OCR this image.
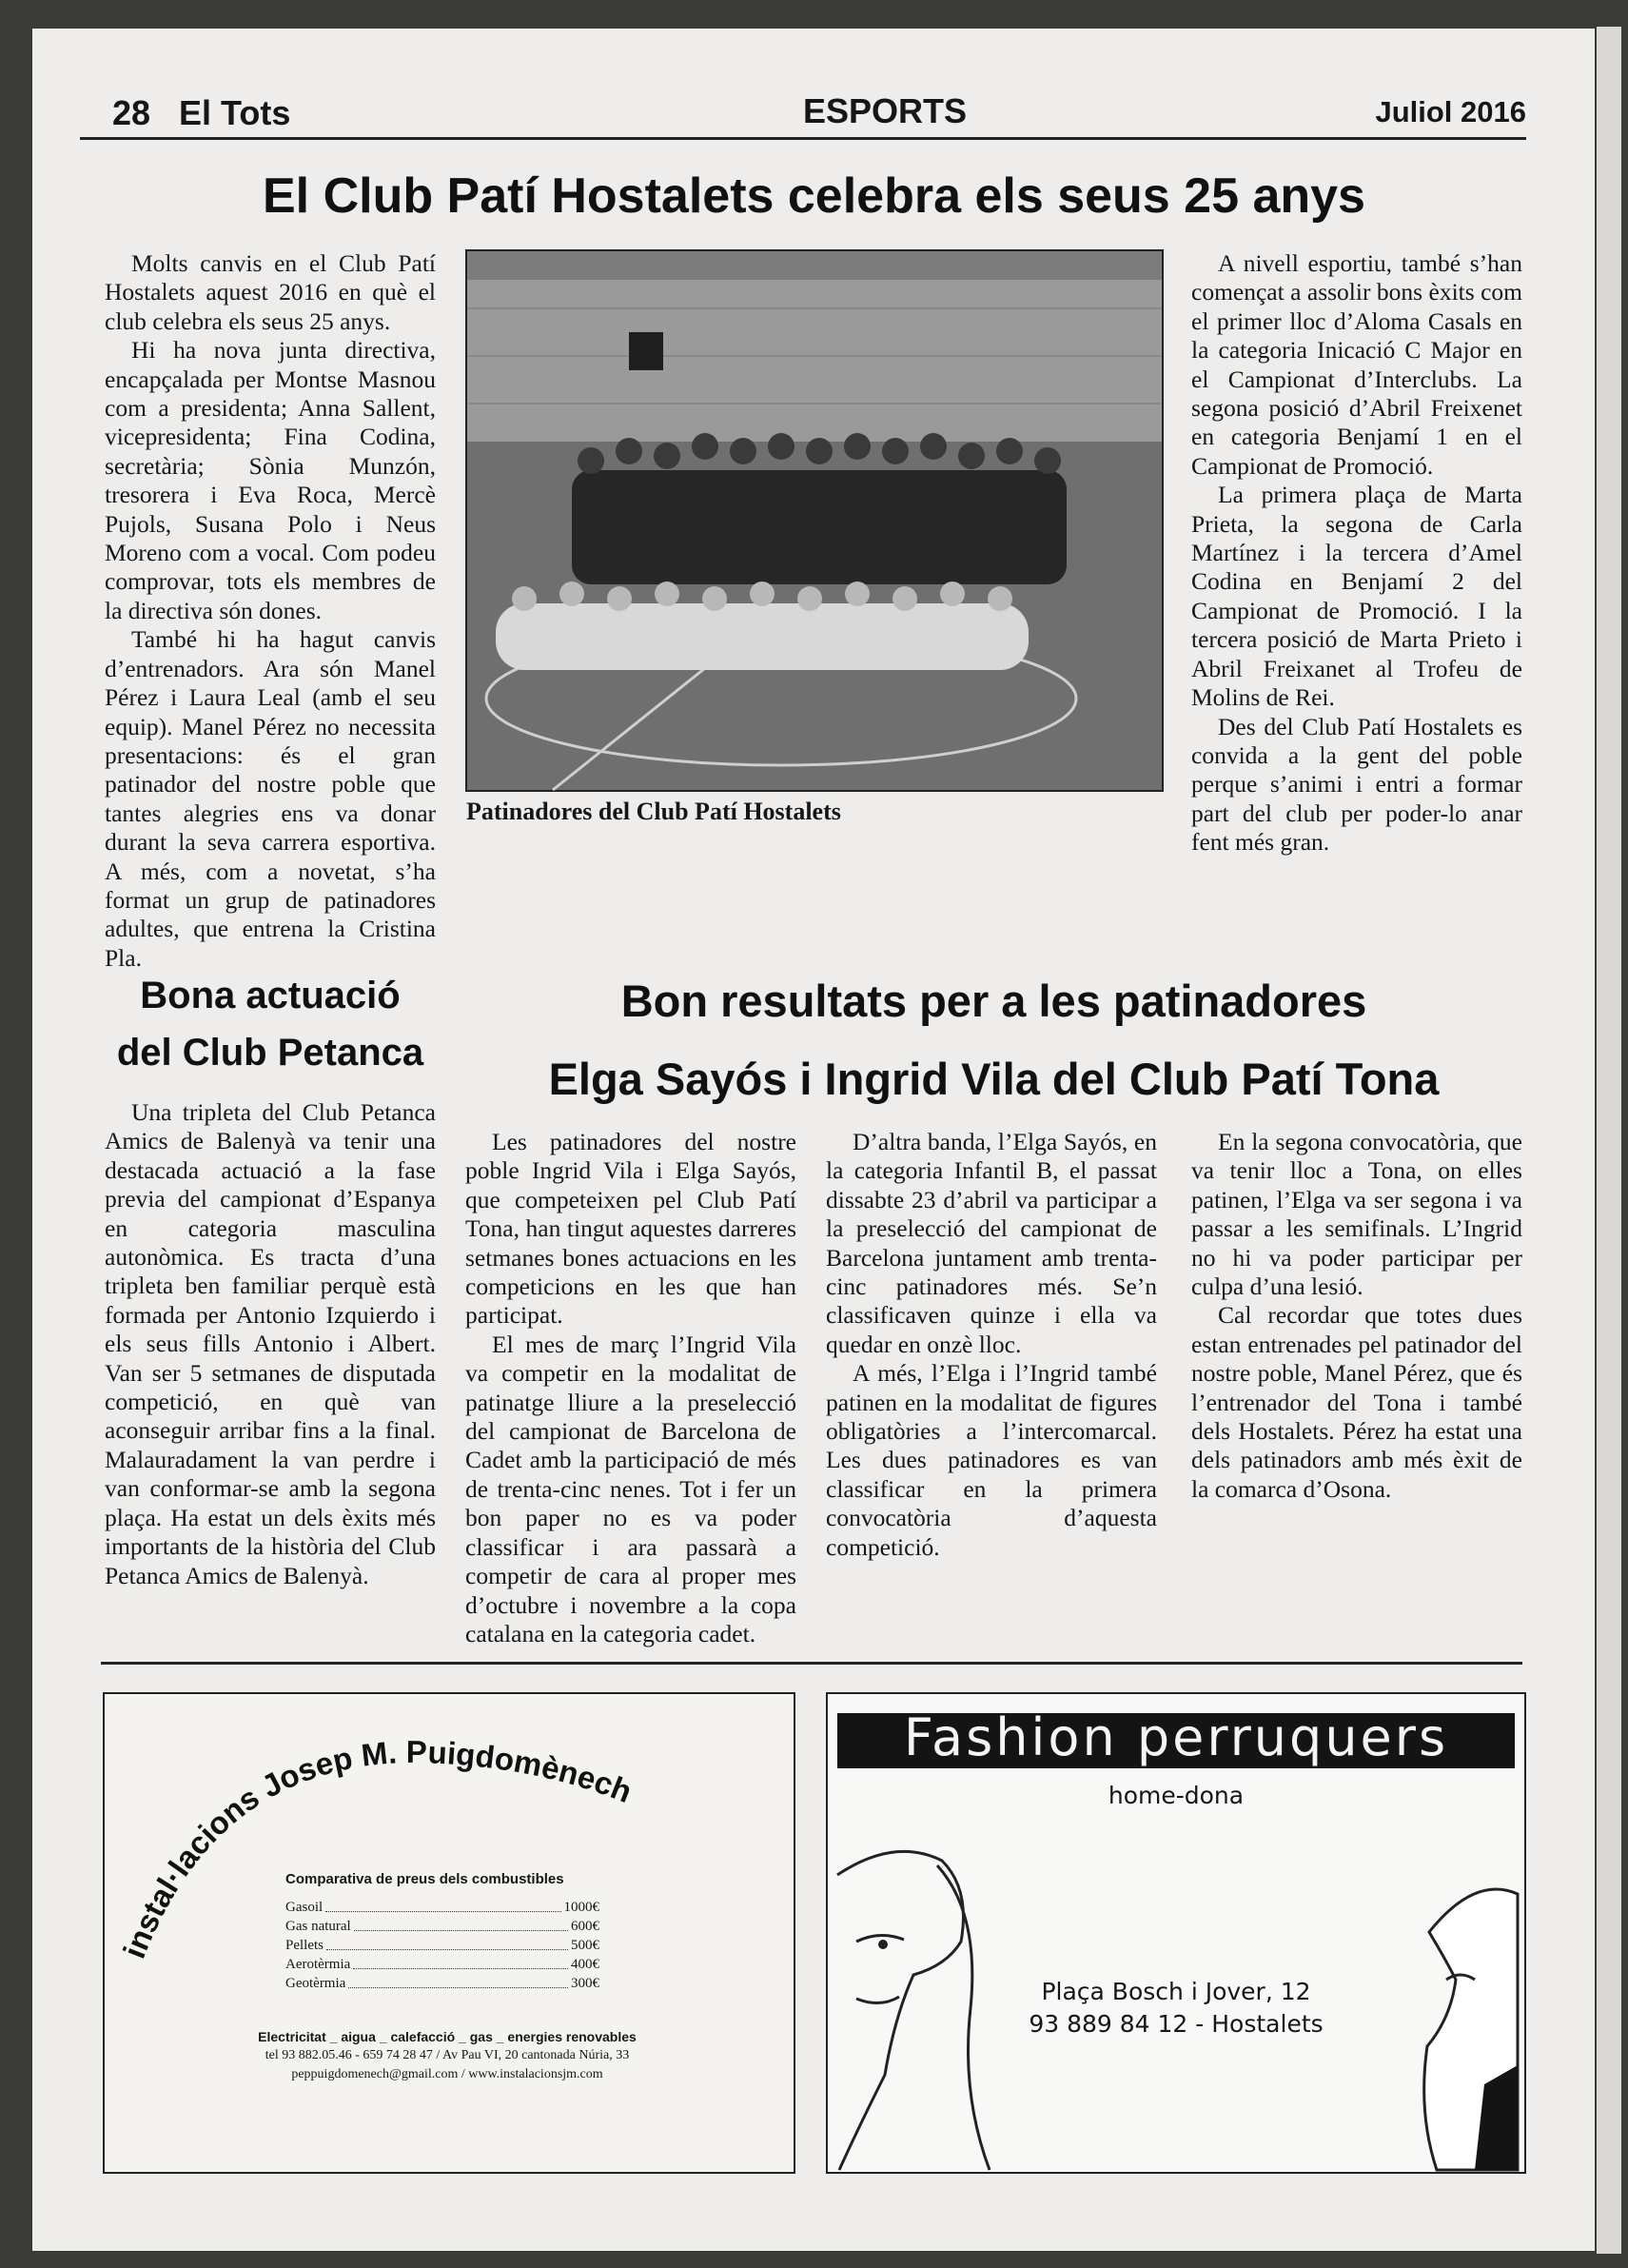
28 El Tots	ESPORTS	Juliol 2016
El Club Patí Hostalets celebra els seus 25 anys

Molts canvis en el Club Patí Hostalets aquest 2016 en què el club celebra els seus 25 anys.

Hi ha nova junta directiva, encapçalada per Montse Masnou com a presidenta; Anna Sallent, vicepresidenta; Fina Codina, secretària; Sònia Munzón, tresorera i Eva Roca, Mercè Pujols, Susana Polo i Neus Moreno com a vocal. Com podeu comprovar, tots els membres de la directiva són dones.

També hi ha hagut canvis d’entrenadors. Ara són Manel Pérez i Laura Leal (amb el seu equip). Manel Pérez no necessita presentacions: és el gran patinador del nostre poble que tantes alegries ens va donar durant la seva carrera esportiva. A més, com a novetat, s’ha format un grup de patinadores adultes, que entrena la Cristina Pla.

Patinadores del Club Patí Hostalets

A nivell esportiu, també s’han començat a assolir bons èxits com el primer lloc d’Aloma Casals en la categoria Inicació C Major en el Campionat d’Interclubs. La segona posició d’Abril Freixenet en categoria Benjamí 1 en el Campionat de Promoció.

La primera plaça de Marta Prieta, la segona de Carla Martínez i la tercera d’Amel Codina en Benjamí 2 del Campionat de Promoció. I la tercera posició de Marta Prieto i Abril Freixanet al Trofeu de Molins de Rei.

Des del Club Patí Hostalets es convida a la gent del poble perque s’animi i entri a formar part del club per poder-lo anar fent més gran.

Bona actuació
del Club Petanca

Una tripleta del Club Petanca Amics de Balenyà va tenir una destacada actuació a la fase previa del campionat d’Espanya en categoria masculina autonòmica. Es tracta d’una tripleta ben familiar perquè està formada per Antonio Izquierdo i els seus fills Antonio i Albert. Van ser 5 setmanes de disputada competició, en què van aconseguir arribar fins a la final. Malauradament la van perdre i van conformar-se amb la segona plaça. Ha estat un dels èxits més importants de la història del Club Petanca Amics de Balenyà.

Bon resultats per a les patinadores
Elga Sayós i Ingrid Vila del Club Patí Tona

Les patinadores del nostre poble Ingrid Vila i Elga Sayós, que competeixen pel Club Patí Tona, han tingut aquestes darreres setmanes bones actuacions en les competicions en les que han participat.

El mes de març l’Ingrid Vila va competir en la modalitat de patinatge lliure a la preselecció del campionat de Barcelona de Cadet amb la participació de més de trenta-cinc nenes. Tot i fer un bon paper no es va poder classificar i ara passarà a competir de cara al proper mes d’octubre i novembre a la copa catalana en la categoria cadet.

D’altra banda, l’Elga Sayós, en la categoria Infantil B, el passat dissabte 23 d’abril va participar a la preselecció del campionat de Barcelona juntament amb trenta-cinc patinadores més. Se’n classificaven quinze i ella va quedar en onzè lloc.

A més, l’Elga i l’Ingrid també patinen en la modalitat de figures obligatòries a l’intercomarcal. Les dues patinadores es van classificar en la primera convocatòria d’aquesta competició.

En la segona convocatòria, que va tenir lloc a Tona, on elles patinen, l’Elga va ser segona i va passar a les semifinals. L’Ingrid no hi va poder participar per culpa d’una lesió.

Cal recordar que totes dues estan entrenades pel patinador del nostre poble, Manel Pérez, que és l’entrenador del Tona i també dels Hostalets. Pérez ha estat una dels patinadors amb més èxit de la comarca d’Osona.

instal·lacions Josep M. Puigdomènech
Comparativa de preus dels combustibles
Gasoil	1000€
Gas natural	600€
Pellets	500€
Aerotèrmia	400€
Geotèrmia	300€
Electricitat _ aigua _ calefacció _ gas _ energies renovables
tel 93 882.05.46 - 659 74 28 47 / Av Pau VI, 20 cantonada Núria, 33
peppuigdomenech@gmail.com / www.instalacionsjm.com
Fashion perruquers
home-dona
Plaça Bosch i Jover, 12
93 889 84 12 - Hostalets
